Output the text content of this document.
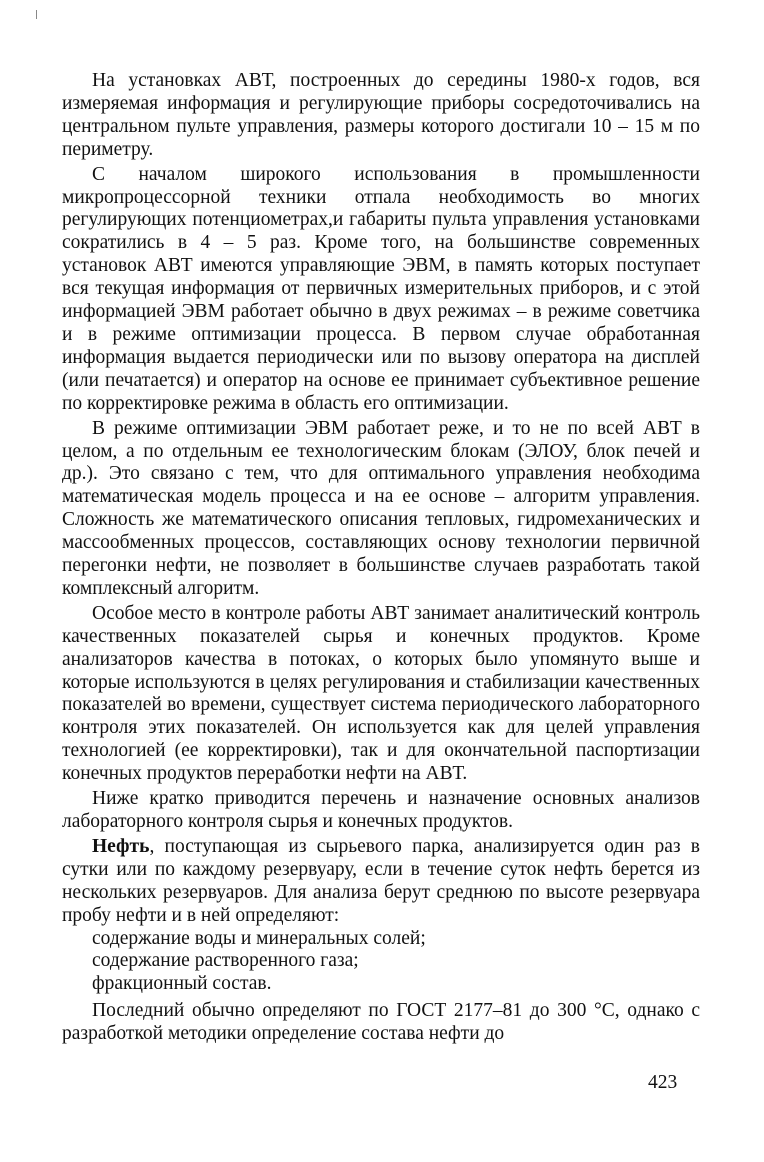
На установках АВТ, построенных до середины 1980-х годов, вся измеряемая информация и регулирующие приборы сосредоточивались на центральном пульте управления, размеры которого достигали 10 – 15 м по периметру.

С началом широкого использования в промышленности микропроцессорной техники отпала необходимость во многих регулирующих потенциометрах,и габариты пульта управления установками сократились в 4 – 5 раз. Кроме того, на большинстве современных установок АВТ имеются управляющие ЭВМ, в память которых поступает вся текущая информация от первичных измерительных приборов, и с этой информацией ЭВМ работает обычно в двух режимах – в режиме советчика и в режиме оптимизации процесса. В первом случае обработанная информация выдается периодически или по вызову оператора на дисплей (или печатается) и оператор на основе ее принимает субъективное решение по корректировке режима в область его оптимизации.

В режиме оптимизации ЭВМ работает реже, и то не по всей АВТ в целом, а по отдельным ее технологическим блокам (ЭЛОУ, блок печей и др.). Это связано с тем, что для оптимального управления необходима математическая модель процесса и на ее основе – алгоритм управления. Сложность же математического описания тепловых, гидромеханических и массообменных процессов, составляющих основу технологии первичной перегонки нефти, не позволяет в большинстве случаев разработать такой комплексный алгоритм.

Особое место в контроле работы АВТ занимает аналитический контроль качественных показателей сырья и конечных продуктов. Кроме анализаторов качества в потоках, о которых было упомянуто выше и которые используются в целях регулирования и стабилизации качественных показателей во времени, существует система периодического лабораторного контроля этих показателей. Он используется как для целей управления технологией (ее корректировки), так и для окончательной паспортизации конечных продуктов переработки нефти на АВТ.

Ниже кратко приводится перечень и назначение основных анализов лабораторного контроля сырья и конечных продуктов.

Нефть, поступающая из сырьевого парка, анализируется один раз в сутки или по каждому резервуару, если в течение суток нефть берется из нескольких резервуаров. Для анализа берут среднюю по высоте резервуара пробу нефти и в ней определяют:

содержание воды и минеральных солей;
содержание растворенного газа;
фракционный состав.

Последний обычно определяют по ГОСТ 2177–81 до 300 °С, однако с разработкой методики определение состава нефти до

423
